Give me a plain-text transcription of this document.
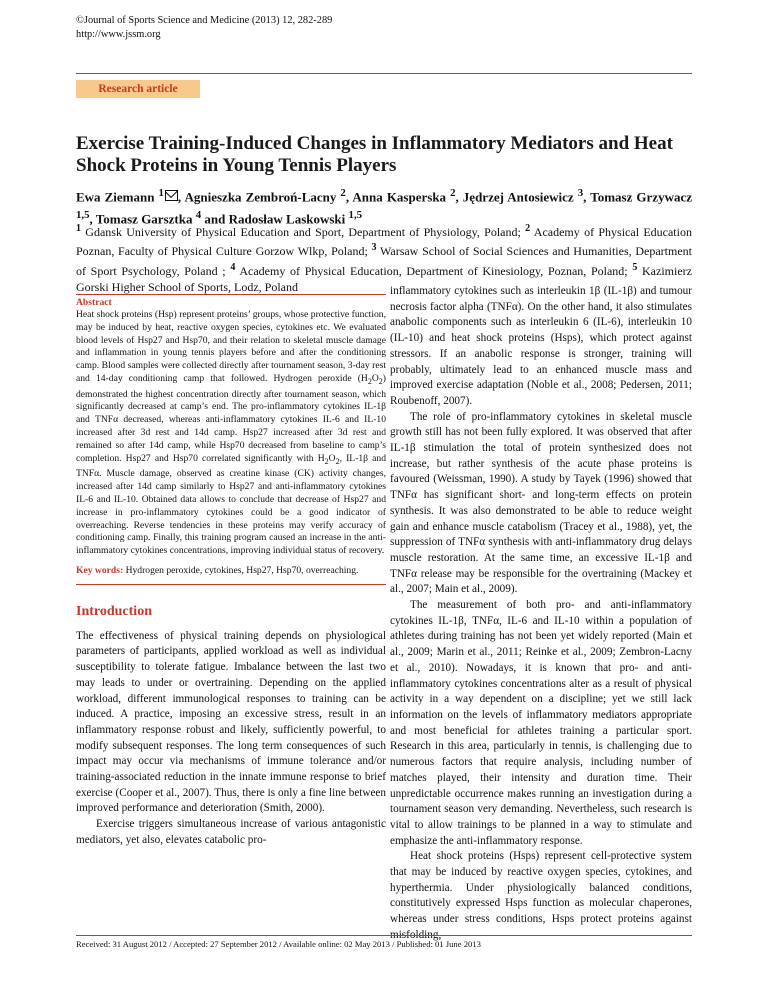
©Journal of Sports Science and Medicine (2013) 12, 282-289
http://www.jssm.org
Research article
Exercise Training-Induced Changes in Inflammatory Mediators and Heat Shock Proteins in Young Tennis Players
Ewa Ziemann $^1$ , Agnieszka Zembroń-Lacny $^2$, Anna Kasperska $^2$, Jędrzej Antosiewicz $^3$, Tomasz Grzywacz $^{1,5}$, Tomasz Garsztka $^4$ and Radosław Laskowski $^{1,5}$
$^1$ Gdansk University of Physical Education and Sport, Department of Physiology, Poland; $^2$ Academy of Physical Education Poznan, Faculty of Physical Culture Gorzow Wlkp, Poland; $^3$ Warsaw School of Social Sciences and Humanities, Department of Sport Psychology, Poland ; $^4$ Academy of Physical Education, Department of Kinesiology, Poznan, Poland; $^5$ Kazimierz Gorski Higher School of Sports, Lodz, Poland
Abstract
Heat shock proteins (Hsp) represent proteins’ groups, whose protective function, may be induced by heat, reactive oxygen species, cytokines etc. We evaluated blood levels of Hsp27 and Hsp70, and their relation to skeletal muscle damage and inflammation in young tennis players before and after the conditioning camp. Blood samples were collected directly after tournament season, 3-day rest and 14-day conditioning camp that followed. Hydrogen peroxide $(H_2O_2)$ demonstrated the highest concentration directly after tournament season, which significantly decreased at camp’s end. The pro-inflammatory cytokines IL-1β and TNFα decreased, whereas anti-inflammatory cytokines IL-6 and IL-10 increased after 3d rest and 14d camp. Hsp27 increased after 3d rest and remained so after 14d camp, while Hsp70 decreased from baseline to camp’s completion. Hsp27 and Hsp70 correlated significantly with $H_2O_2$, IL-1β and TNFα. Muscle damage, observed as creatine kinase (CK) activity changes, increased after 14d camp similarly to Hsp27 and anti-inflammatory cytokines IL-6 and IL-10. Obtained data allows to conclude that decrease of Hsp27 and increase in pro-inflammatory cytokines could be a good indicator of overreaching. Reverse tendencies in these proteins may verify accuracy of conditioning camp. Finally, this training program caused an increase in the anti-inflammatory cytokines concentrations, improving individual status of recovery.
Key words: Hydrogen peroxide, cytokines, Hsp27, Hsp70, overreaching.
Introduction

The effectiveness of physical training depends on physiological parameters of participants, applied workload as well as individual susceptibility to tolerate fatigue. Imbalance between the last two may leads to under or overtraining. Depending on the applied workload, different immunological responses to training can be induced. A practice, imposing an excessive stress, result in an inflammatory response robust and likely, sufficiently powerful, to modify subsequent responses. The long term consequences of such impact may occur via mechanisms of immune tolerance and/or training-associated reduction in the innate immune response to brief exercise (Cooper et al., 2007). Thus, there is only a fine line between improved performance and deterioration (Smith, 2000).

Exercise triggers simultaneous increase of various antagonistic mediators, yet also, elevates catabolic pro-

inflammatory cytokines such as interleukin 1β (IL-1β) and tumour necrosis factor alpha (TNFα). On the other hand, it also stimulates anabolic components such as interleukin 6 (IL-6), interleukin 10 (IL-10) and heat shock proteins (Hsps), which protect against stressors. If an anabolic response is stronger, training will probably, ultimately lead to an enhanced muscle mass and improved exercise adaptation (Noble et al., 2008; Pedersen, 2011; Roubenoff, 2007).

The role of pro-inflammatory cytokines in skeletal muscle growth still has not been fully explored. It was observed that after IL-1β stimulation the total of protein synthesized does not increase, but rather synthesis of the acute phase proteins is favoured (Weissman, 1990). A study by Tayek (1996) showed that TNFα has significant short- and long-term effects on protein synthesis. It was also demonstrated to be able to reduce weight gain and enhance muscle catabolism (Tracey et al., 1988), yet, the suppression of TNFα synthesis with anti-inflammatory drug delays muscle restoration. At the same time, an excessive IL-1β and TNFα release may be responsible for the overtraining (Mackey et al., 2007; Main et al., 2009).

The measurement of both pro- and anti-inflammatory cytokines IL-1β, TNFα, IL-6 and IL-10 within a population of athletes during training has not been yet widely reported (Main et al., 2009; Marin et al., 2011; Reinke et al., 2009; Zembron-Lacny et al., 2010). Nowadays, it is known that pro- and anti-inflammatory cytokines concentrations alter as a result of physical activity in a way dependent on a discipline; yet we still lack information on the levels of inflammatory mediators appropriate and most beneficial for athletes training a particular sport. Research in this area, particularly in tennis, is challenging due to numerous factors that require analysis, including number of matches played, their intensity and duration time. Their unpredictable occurrence makes running an investigation during a tournament season very demanding. Nevertheless, such research is vital to allow trainings to be planned in a way to stimulate and emphasize the anti-inflammatory response.

Heat shock proteins (Hsps) represent cell-protective system that may be induced by reactive oxygen species, cytokines, and hyperthermia. Under physiologically balanced conditions, constitutively expressed Hsps function as molecular chaperones, whereas under stress conditions, Hsps protect proteins against misfolding,

Received: 31 August 2012 / Accepted: 27 September 2012 / Available online: 02 May 2013 / Published: 01 June 2013
